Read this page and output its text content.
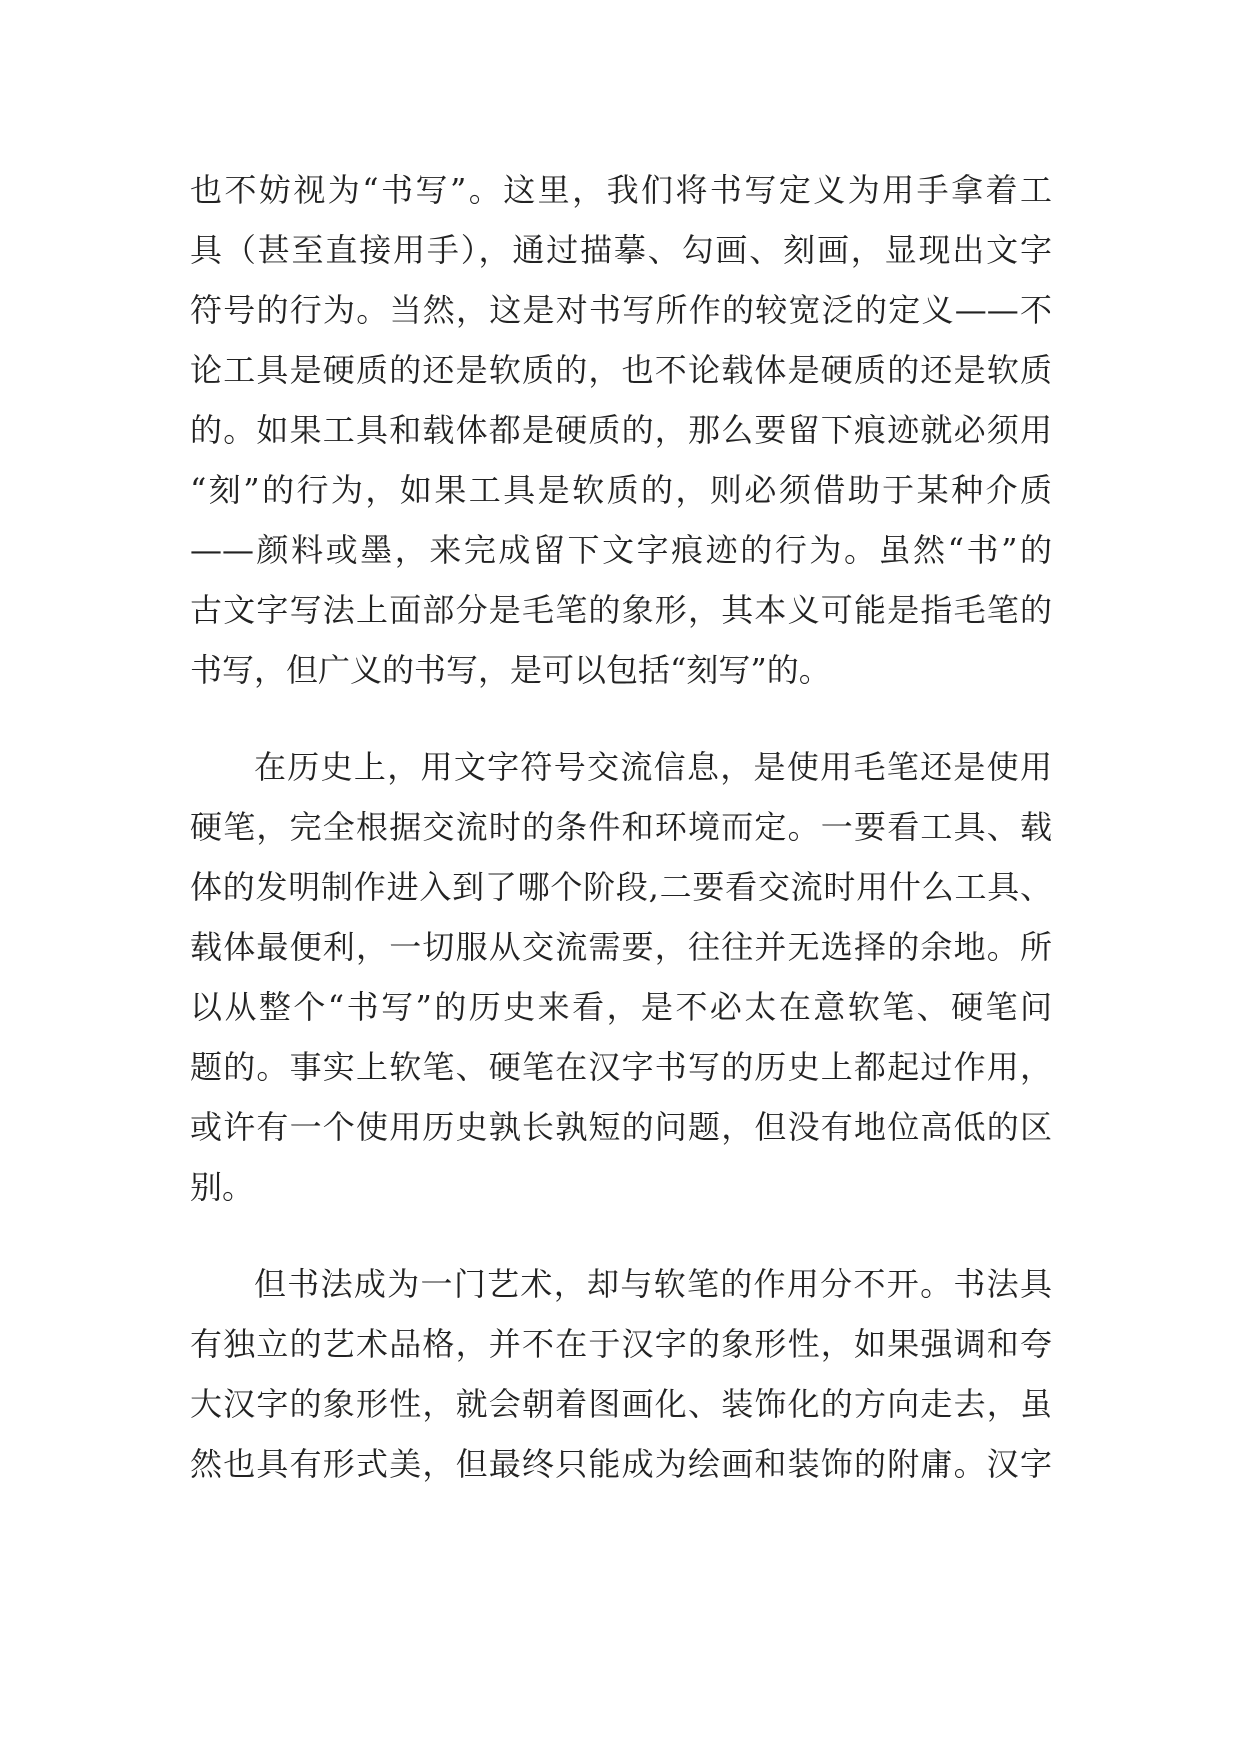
也不妨视为“书写”。这里，我们将书写定义为用手拿着工
具（甚至直接用手），通过描摹、勾画、刻画，显现出文字
符号的行为。当然，这是对书写所作的较宽泛的定义——不
论工具是硬质的还是软质的，也不论载体是硬质的还是软质
的。如果工具和载体都是硬质的，那么要留下痕迹就必须用
“刻”的行为，如果工具是软质的，则必须借助于某种介质
——颜料或墨，来完成留下文字痕迹的行为。虽然“书”的
古文字写法上面部分是毛笔的象形，其本义可能是指毛笔的
书写，但广义的书写，是可以包括“刻写”的。
在历史上，用文字符号交流信息，是使用毛笔还是使用
硬笔，完全根据交流时的条件和环境而定。一要看工具、载
体的发明制作进入到了哪个阶段,二要看交流时用什么工具、
载体最便利，一切服从交流需要，往往并无选择的余地。所
以从整个“书写”的历史来看，是不必太在意软笔、硬笔问
题的。事实上软笔、硬笔在汉字书写的历史上都起过作用，
或许有一个使用历史孰长孰短的问题，但没有地位高低的区
别。
但书法成为一门艺术，却与软笔的作用分不开。书法具
有独立的艺术品格，并不在于汉字的象形性，如果强调和夸
大汉字的象形性，就会朝着图画化、装饰化的方向走去，虽
然也具有形式美，但最终只能成为绘画和装饰的附庸。汉字
